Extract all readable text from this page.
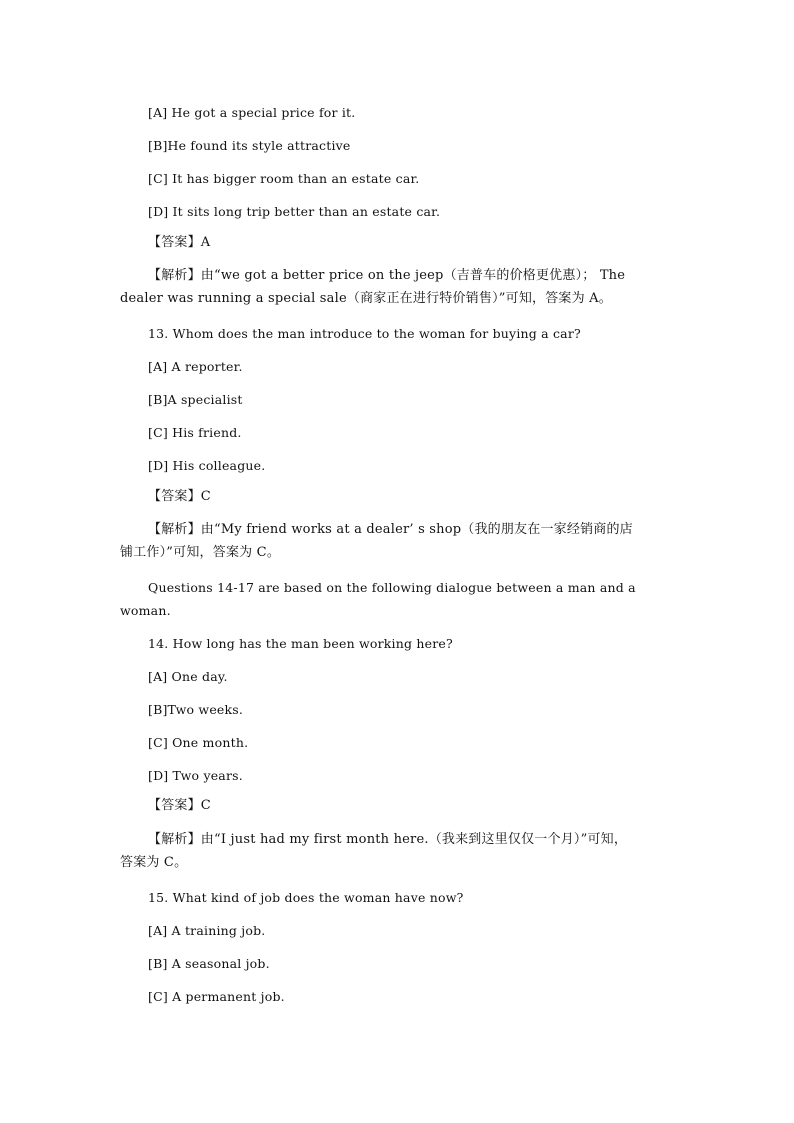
[A] He got a special price for it.

[B]He found its style attractive

[C] It has bigger room than an estate car.

[D] It sits long trip better than an estate car.

【答案】A

【解析】由“we got a better price on the jeep（吉普车的价格更优惠）； The

dealer was running a special sale（商家正在进行特价销售）”可知，答案为 A。

13. Whom does the man introduce to the woman for buying a car?

[A] A reporter.

[B]A specialist

[C] His friend.

[D] His colleague.

【答案】C

【解析】由“My friend works at a dealer’ s shop（我的朋友在一家经销商的店

铺工作）”可知，答案为 C。

Questions 14-17 are based on the following dialogue between a man and a

woman.

14. How long has the man been working here?

[A] One day.

[B]Two weeks.

[C] One month.

[D] Two years.

【答案】C

【解析】由“I just had my first month here.（我来到这里仅仅一个月）”可知，

答案为 C。

15. What kind of job does the woman have now?

[A] A training job.

[B] A seasonal job.

[C] A permanent job.
